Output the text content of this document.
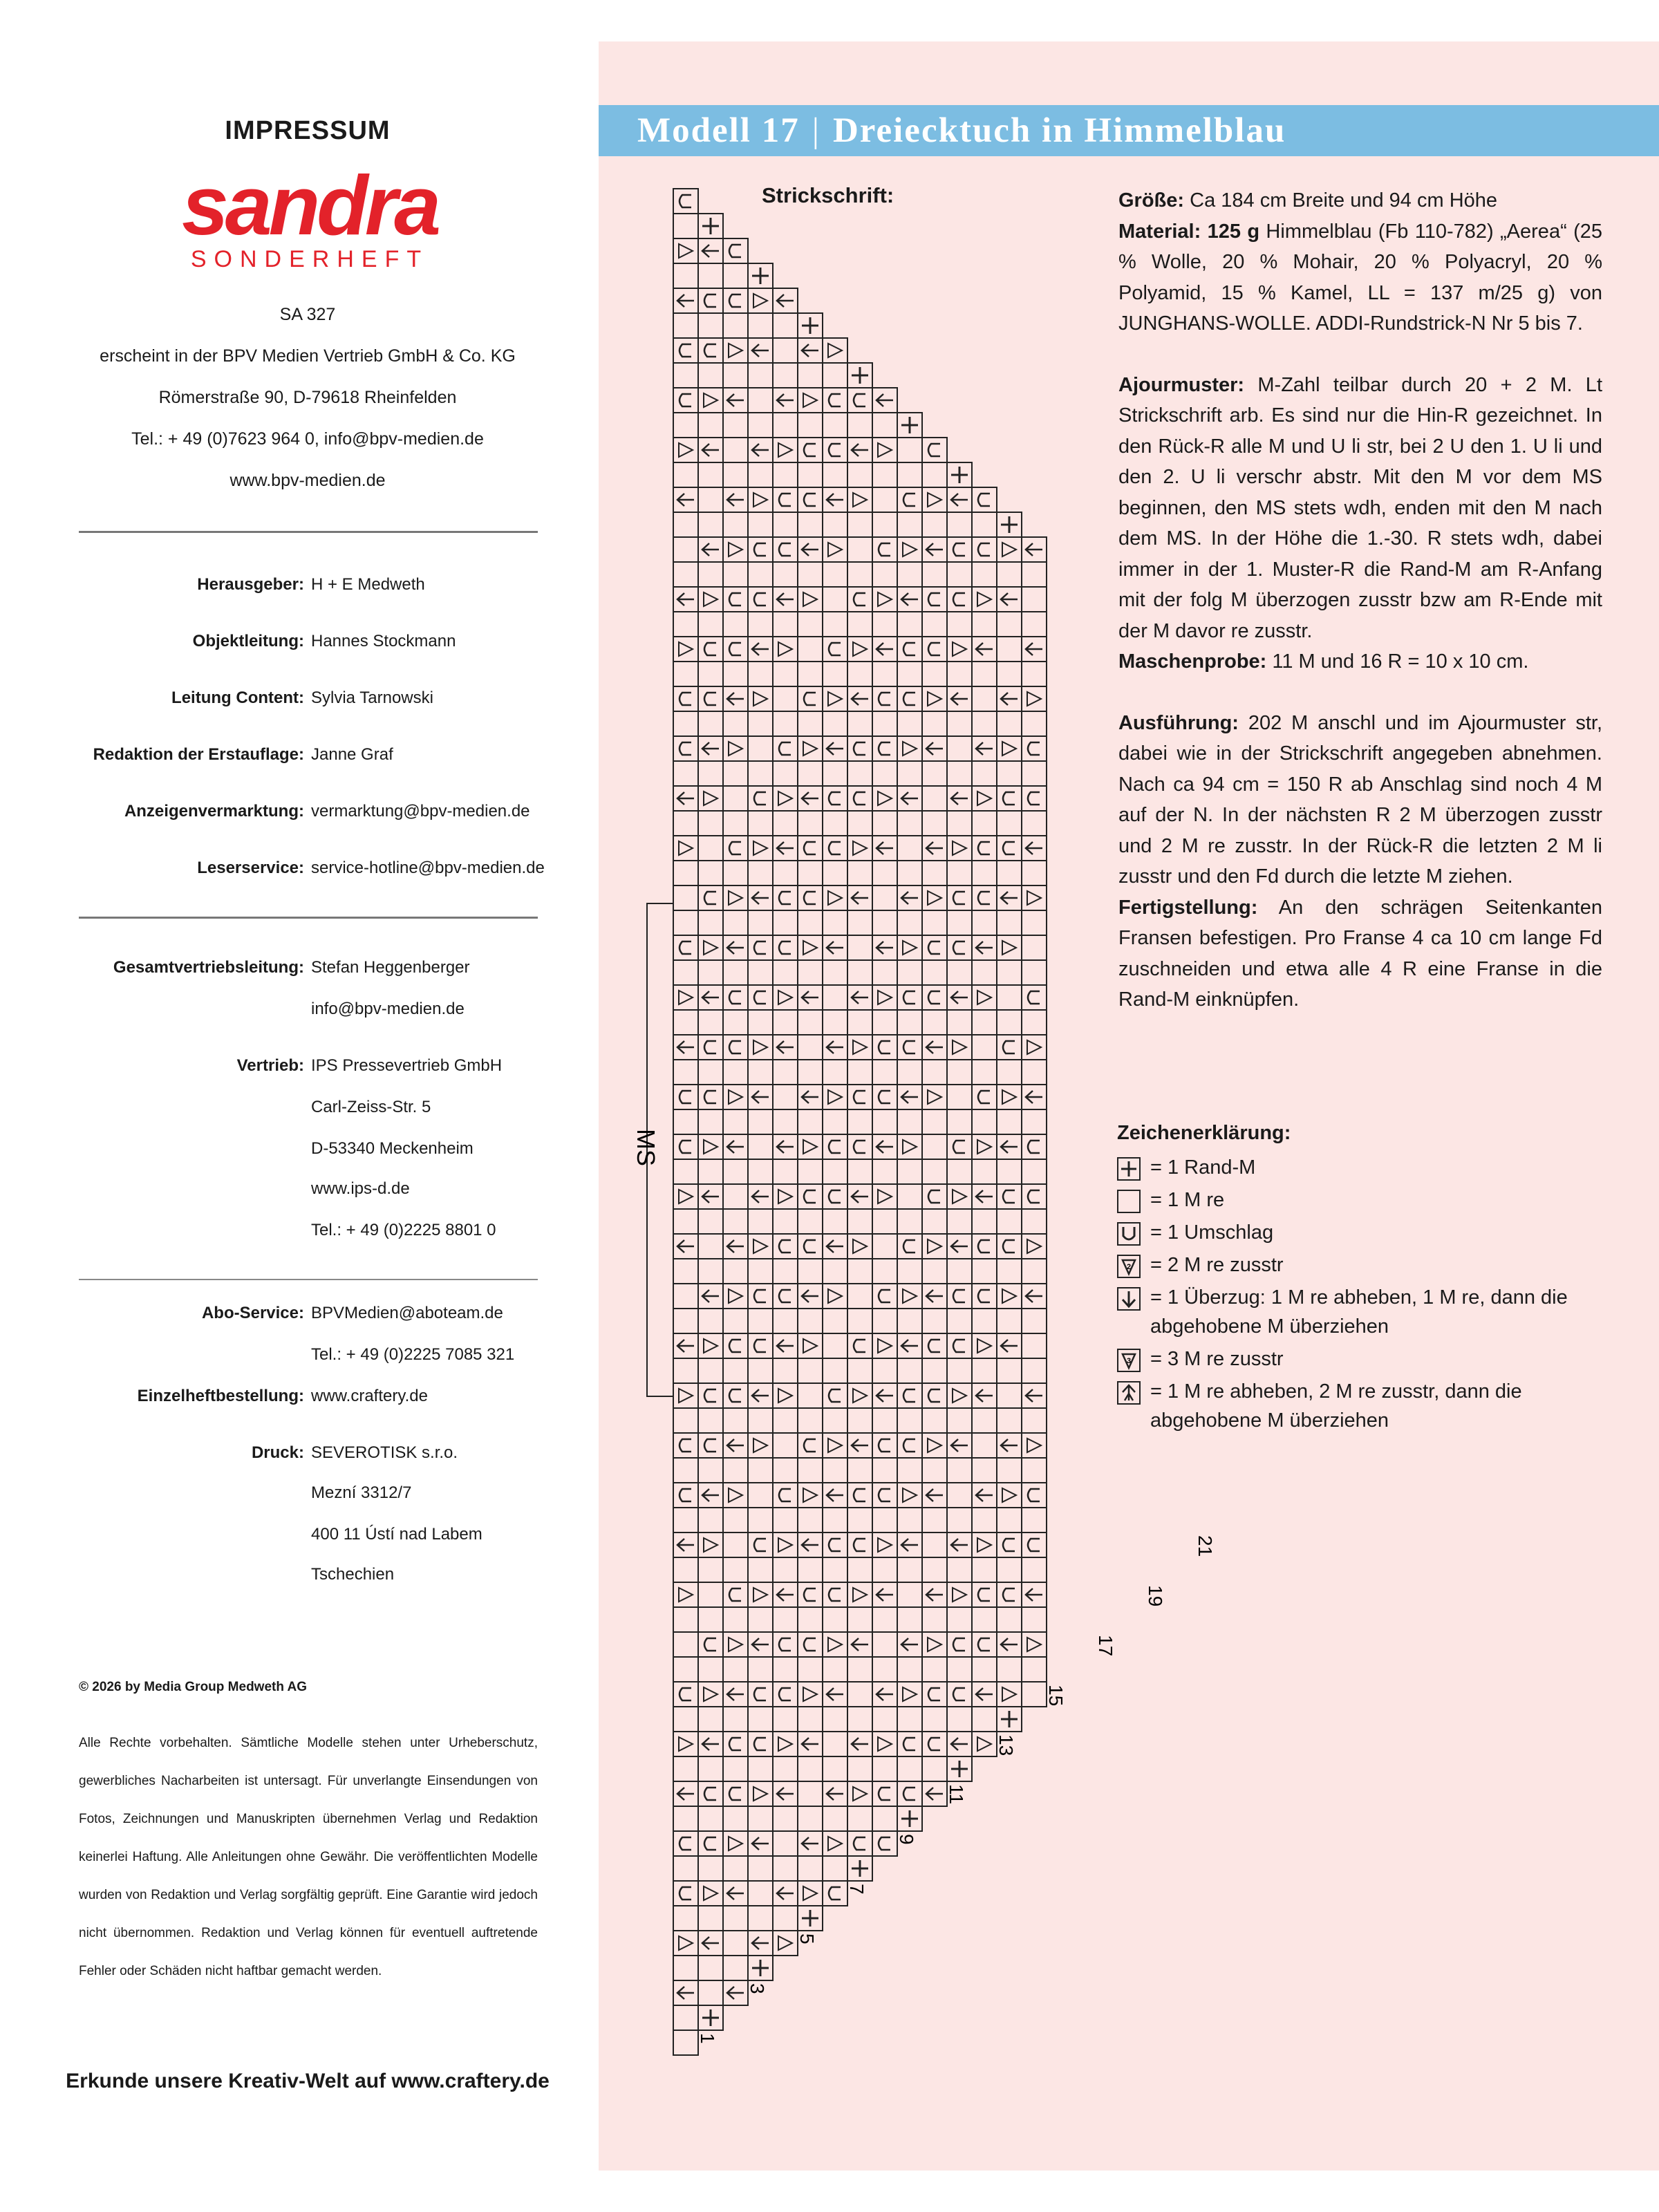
IMPRESSUM
sandra
SONDERHEFT
SA 327
erscheint in der BPV Medien Vertrieb GmbH & Co. KG
Römerstraße 90, D-79618 Rheinfelden
Tel.: + 49 (0)7623 964 0, info@bpv-medien.de
www.bpv-medien.de
Herausgeber: H + E Medweth
Objektleitung: Hannes Stockmann
Leitung Content: Sylvia Tarnowski
Redaktion der Erstauflage: Janne Graf
Anzeigenvermarktung: vermarktung@bpv-medien.de
Leserservice: service-hotline@bpv-medien.de
Gesamtvertriebsleitung: Stefan Heggenberger
info@bpv-medien.de
Vertrieb: IPS Pressevertrieb GmbH
Carl-Zeiss-Str. 5
D-53340 Meckenheim
www.ips-d.de
Tel.: + 49 (0)2225 8801 0
Abo-Service: BPVMedien@aboteam.de
Tel.: + 49 (0)2225 7085 321
Einzelheftbestellung: www.craftery.de
Druck: SEVEROTISK s.r.o.
Mezní 3312/7
400 11 Ústí nad Labem
Tschechien
© 2026 by Media Group Medweth AG
Alle Rechte vorbehalten. Sämtliche Modelle stehen unter Urheberschutz, gewerbliches Nacharbeiten ist untersagt. Für unverlangte Einsendungen von Fotos, Zeichnungen und Manuskripten übernehmen Verlag und Redaktion keinerlei Haftung. Alle Anleitungen ohne Gewähr. Die veröffentlichten Modelle wurden von Redaktion und Verlag sorgfältig geprüft. Eine Garantie wird jedoch nicht übernommen. Redaktion und Verlag können für eventuell auftretende Fehler oder Schäden nicht haftbar gemacht werden.
Erkunde unsere Kreativ-Welt auf www.craftery.de
Modell 17 | Dreiecktuch in Himmelblau
Strickschrift:
MS
1
3
5
7
9
11
13
15
17
19
21

Größe: Ca 184 cm Breite und 94 cm Höhe

Material: 125 g Himmelblau (Fb 110-782) „Aerea“ (25 % Wolle, 20 % Mohair, 20 % Polyacryl, 20 % Polyamid, 15 % Kamel, LL = 137 m/25 g) von JUNGHANS-WOLLE. ADDI-Rundstrick-N Nr 5 bis 7.

Ajourmuster: M-Zahl teilbar durch 20 + 2 M. Lt Strickschrift arb. Es sind nur die Hin-R gezeichnet. In den Rück-R alle M und U li str, bei 2 U den 1. U li und den 2. U li verschr abstr. Mit den M vor dem MS beginnen, den MS stets wdh, enden mit den M nach dem MS. In der Höhe die 1.-30. R stets wdh, dabei immer in der 1. Muster-R die Rand-M am R-Anfang mit der folg M überzogen zusstr bzw am R-Ende mit der M davor re zusstr.

Maschenprobe: 11 M und 16 R = 10 x 10 cm.

Ausführung: 202 M anschl und im Ajourmuster str, dabei wie in der Strickschrift angegeben abnehmen. Nach ca 94 cm = 150 R ab Anschlag sind noch 4 M auf der N. In der nächsten R 2 M überzogen zusstr und 2 M re zusstr. In der Rück-R die letzten 2 M li zusstr und den Fd durch die letzte M ziehen.

Fertigstellung: An den schrägen Seitenkanten Fransen befestigen. Pro Franse 4 ca 10 cm lange Fd zuschneiden und etwa alle 4 R eine Franse in die Rand-M einknüpfen.

Zeichenerklärung:
= 1 Rand-M
= 1 M re
= 1 Umschlag
2 = 2 M re zusstr
= 1 Überzug: 1 M re abheben, 1 M re, dann die abgehobene M überziehen
3 = 3 M re zusstr
= 1 M re abheben, 2 M re zusstr, dann die abgehobene M überziehen
